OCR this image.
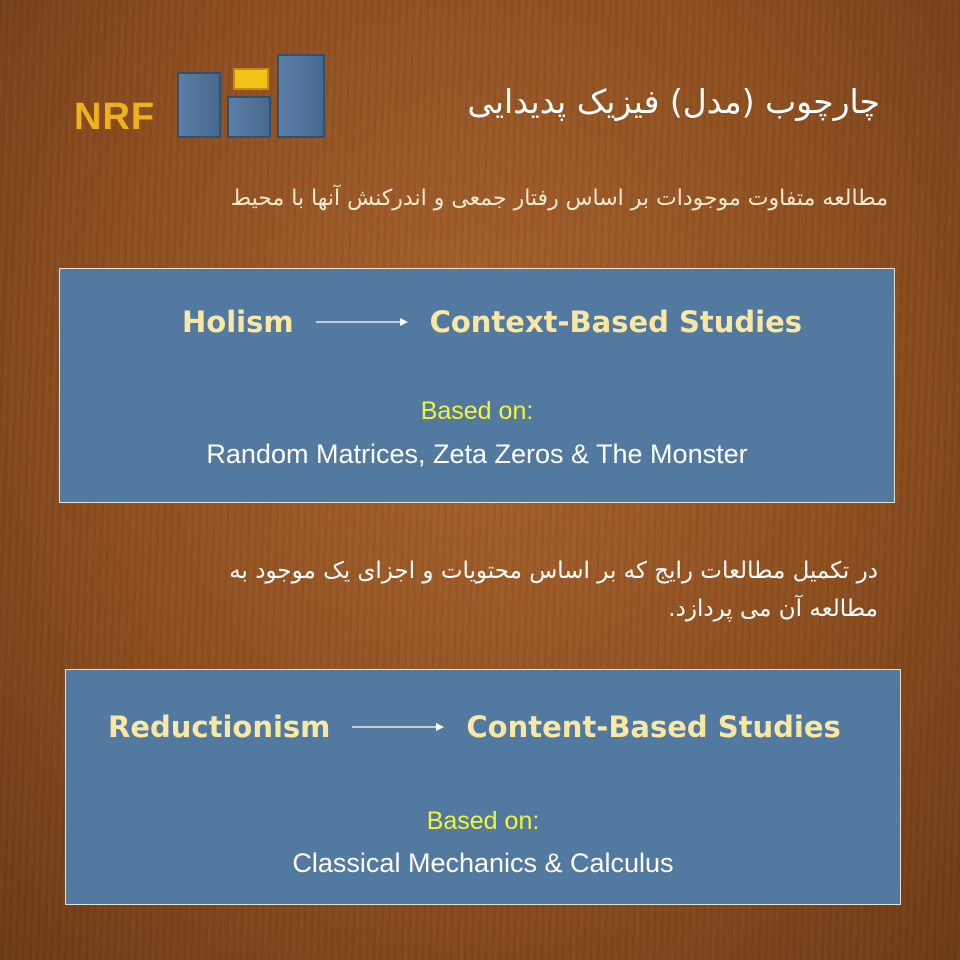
NRF	چارچوب (مدل) فیزیک پدیدایی
مطالعه متفاوت موجودات بر اساس رفتار جمعی و اندرکنش آنها با محیط
Holism	Context-Based Studies
Based on:
Random Matrices, Zeta Zeros & The Monster
در تکمیل مطالعات رایج که بر اساس محتویات و اجزای یک موجود به
مطالعه آن می پردازد.
Reductionism	Content-Based Studies
Based on:
Classical Mechanics & Calculus
